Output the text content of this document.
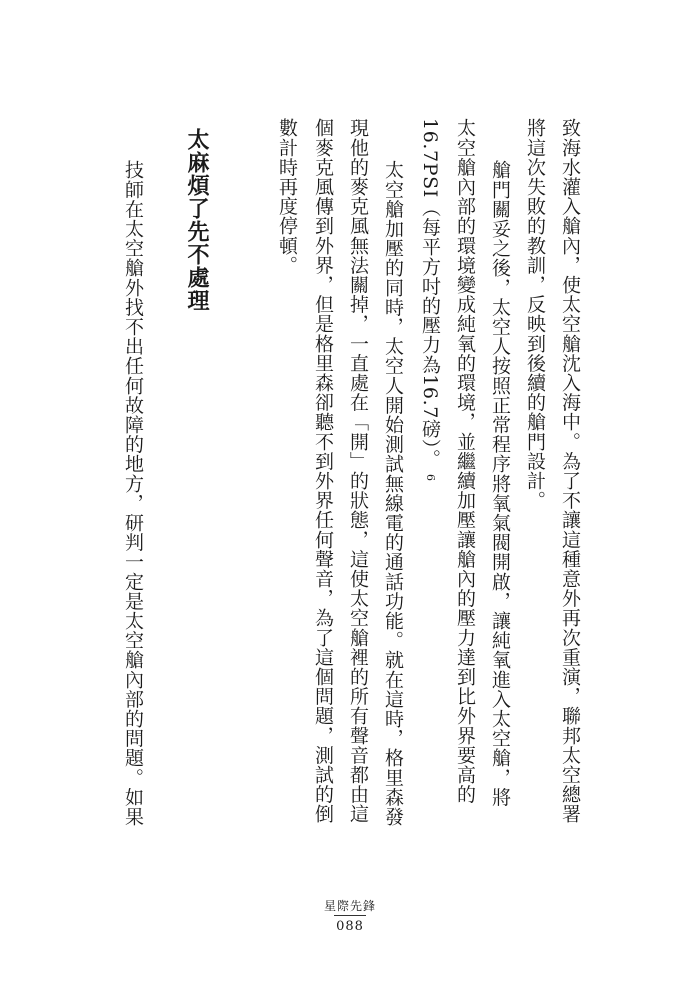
致海水灌入艙內，使太空艙沈入海中。為了不讓這種意外再次重演，聯邦太空總署
將這次失敗的教訓，反映到後續的艙門設計。
艙門關妥之後，太空人按照正常程序將氧氣閥開啟，讓純氧進入太空艙，將
太空艙內部的環境變成純氧的環境，並繼續加壓讓艙內的壓力達到比外界要高的
16.7PSI（每平方吋的壓力為16.7磅）。6
太空艙加壓的同時，太空人開始測試無線電的通話功能。就在這時，格里森發
現他的麥克風無法關掉，一直處在「開」的狀態，這使太空艙裡的所有聲音都由這
個麥克風傳到外界，但是格里森卻聽不到外界任何聲音，為了這個問題，測試的倒
數計時再度停頓。
太麻煩了先不處理
技師在太空艙外找不出任何故障的地方，研判一定是太空艙內部的問題。如果
星際先鋒
088
